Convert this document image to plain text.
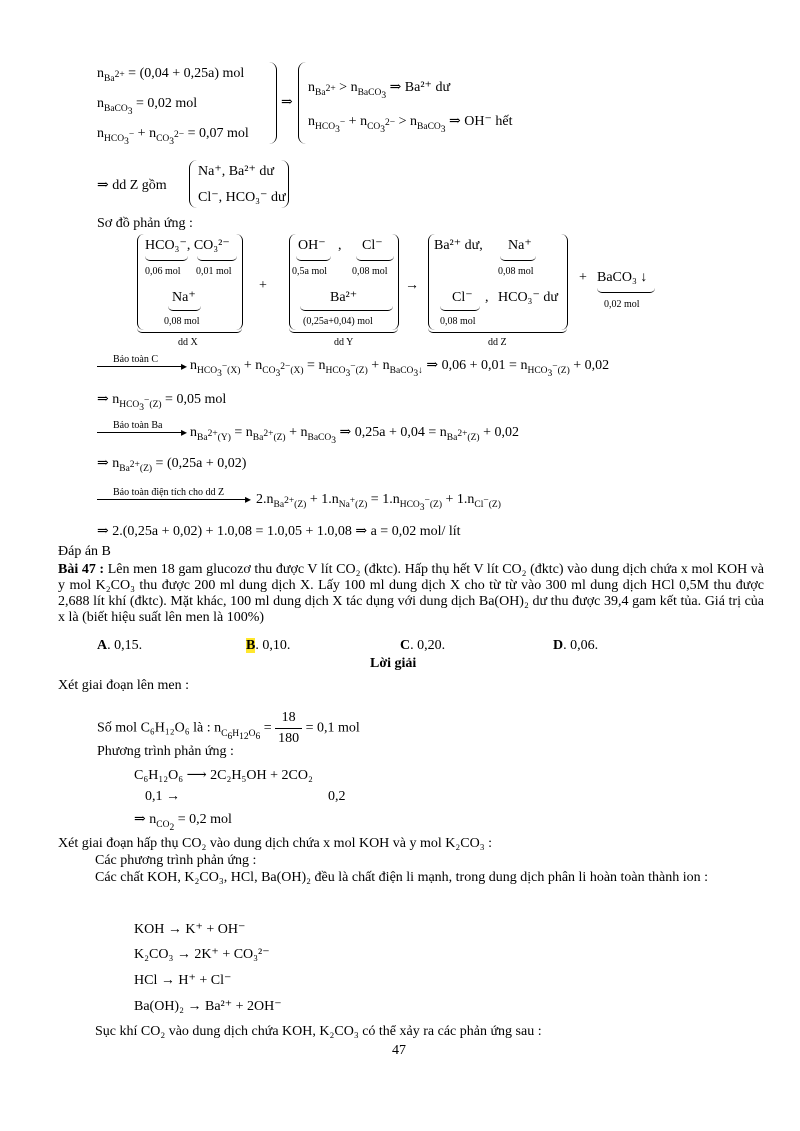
$n_{Ba^{2+}} = (0,04 + 0,25a)$ mol
$n_{BaCO_3} = 0,02$ mol
$n_{HCO_3^-} + n_{CO_3^{2-}} = 0,07$ mol
⇒
$n_{Ba^{2+}} > n_{BaCO_3}$ ⇒ Ba²⁺ dư
$n_{HCO_3^-} + n_{CO_3^{2-}} > n_{BaCO_3}$ ⇒ OH⁻ hết
⇒ dd Z gồm
Na⁺, Ba²⁺ dư
Cl⁻, HCO₃⁻ dư
Sơ đồ phản ứng :
HCO₃⁻, CO₃²⁻
0,06 mol 0,01 mol
Na⁺
0,08 mol
dd X
+
OH⁻ , Cl⁻
0,5a mol	0,08 mol
Ba²⁺
(0,25a+0,04) mol
dd Y
→
Ba²⁺ dư, Na⁺
0,08 mol
Cl⁻ , HCO₃⁻ dư
0,08 mol
dd Z
+ BaCO₃ ↓
0,02 mol
Bảo toàn C ▸ $n_{HCO_3^-(X)} + n_{CO_3^{2-}(X)} = n_{HCO_3^-(Z)} + n_{BaCO_3↓}$ ⇒ $0,06 + 0,01 = n_{HCO_3^-(Z)} + 0,02$
⇒ $n_{HCO_3^-(Z)} = 0,05$ mol
Bảo toàn Ba ▸ $n_{Ba^{2+}(Y)} = n_{Ba^{2+}(Z)} + n_{BaCO_3}$ ⇒ $0,25a + 0,04 = n_{Ba^{2+}(Z)} + 0,02$
⇒ $n_{Ba^{2+}(Z)} = (0,25a + 0,02)$
Bảo toàn điện tích cho dd Z ▸ $2.n_{Ba^{2+}(Z)} + 1.n_{Na^+(Z)} = 1.n_{HCO_3^-(Z)} + 1.n_{Cl^-(Z)}$
⇒ 2.(0,25a + 0,02) + 1.0,08 = 1.0,05 + 1.0,08 ⇒ a = 0,02 mol/ lít
Đáp án B
Bài 47 : Lên men 18 gam glucozơ thu được V lít CO₂ (đktc). Hấp thụ hết V lít CO₂ (đktc) vào dung dịch chứa x mol KOH và y mol K₂CO₃ thu được 200 ml dung dịch X. Lấy 100 ml dung dịch X cho từ từ vào 300 ml dung dịch HCl 0,5M thu được 2,688 lít khí (đktc). Mặt khác, 100 ml dung dịch X tác dụng với dung dịch Ba(OH)₂ dư thu được 39,4 gam kết tủa. Giá trị của x là (biết hiệu suất lên men là 100%)
A. 0,15.	B. 0,10.	C. 0,20.	D. 0,06.
Lời giải
Xét giai đoạn lên men :
Số mol C₆H₁₂O₆ là : $n_{C_6H_{12}O_6} = \frac{18}{180} = 0,1$ mol
Phương trình phản ứng :
C₆H₁₂O₆ ⟶ 2C₂H₅OH + 2CO₂
0,1 →	0,2
⇒ $n_{CO_2} = 0,2$ mol
Xét giai đoạn hấp thụ CO₂ vào dung dịch chứa x mol KOH và y mol K₂CO₃ :
Các phương trình phản ứng :
Các chất KOH, K₂CO₃, HCl, Ba(OH)₂ đều là chất điện li mạnh, trong dung dịch phân li hoàn toàn thành ion :
KOH → K⁺ + OH⁻
K₂CO₃ → 2K⁺ + CO₃²⁻
HCl → H⁺ + Cl⁻
Ba(OH)₂ → Ba²⁺ + 2OH⁻
Sục khí CO₂ vào dung dịch chứa KOH, K₂CO₃ có thể xảy ra các phản ứng sau :
47
